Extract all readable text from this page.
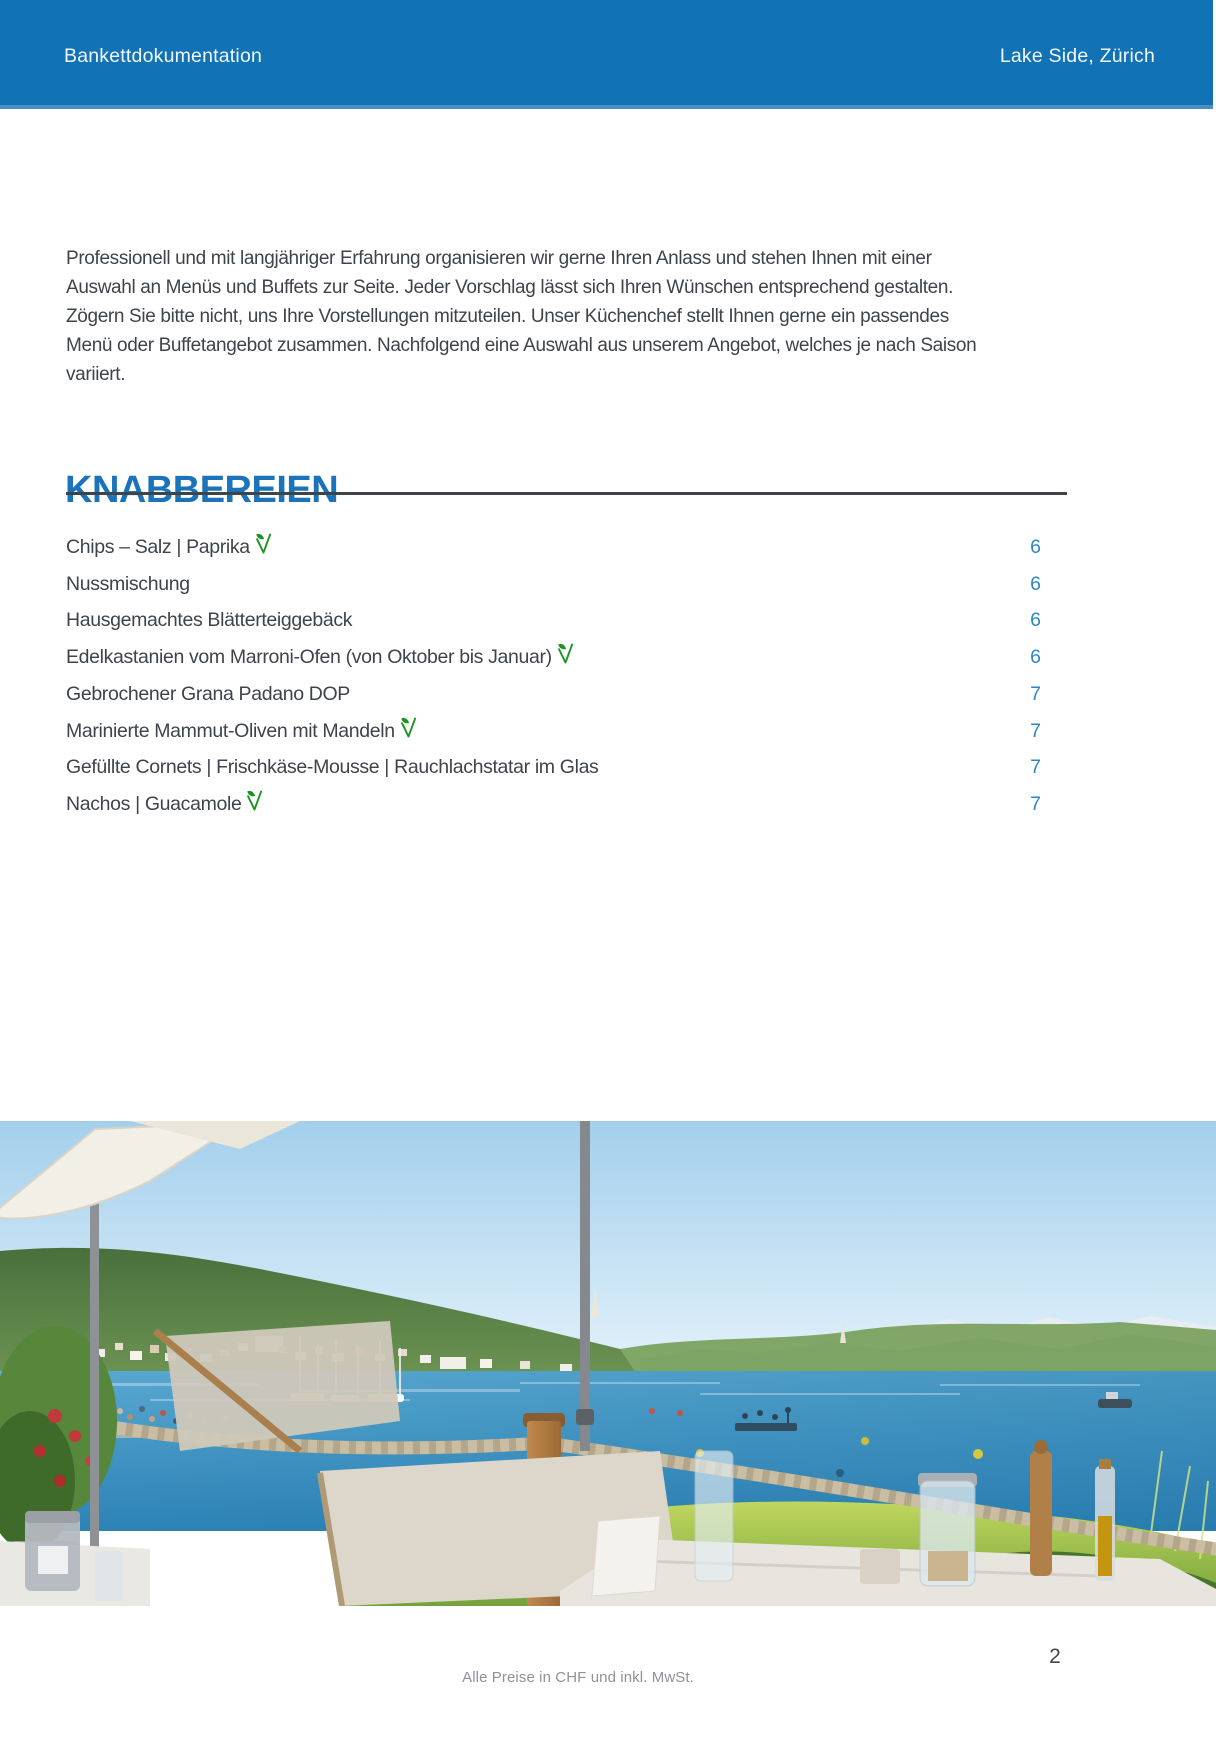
Bankettdokumentation	Lake Side, Zürich

Professionell und mit langjähriger Erfahrung organisieren wir gerne Ihren Anlass und stehen Ihnen mit einer Auswahl an Menüs und Buffets zur Seite. Jeder Vorschlag lässt sich Ihren Wünschen entsprechend gestalten. Zögern Sie bitte nicht, uns Ihre Vorstellungen mitzuteilen. Unser Küchenchef stellt Ihnen gerne ein passendes Menü oder Buffetangebot zusammen. Nachfolgend eine Auswahl aus unserem Angebot, welches je nach Saison variiert.

KNABBEREIEN
Chips – Salz | Paprika	6
Nussmischung	6
Hausgemachtes Blätterteiggebäck	6
Edelkastanien vom Marroni-Ofen (von Oktober bis Januar)	6
Gebrochener Grana Padano DOP	7
Marinierte Mammut-Oliven mit Mandeln	7
Gefüllte Cornets | Frischkäse-Mousse | Rauchlachstatar im Glas	7
Nachos | Guacamole	7
Alle Preise in CHF und inkl. MwSt.
2
